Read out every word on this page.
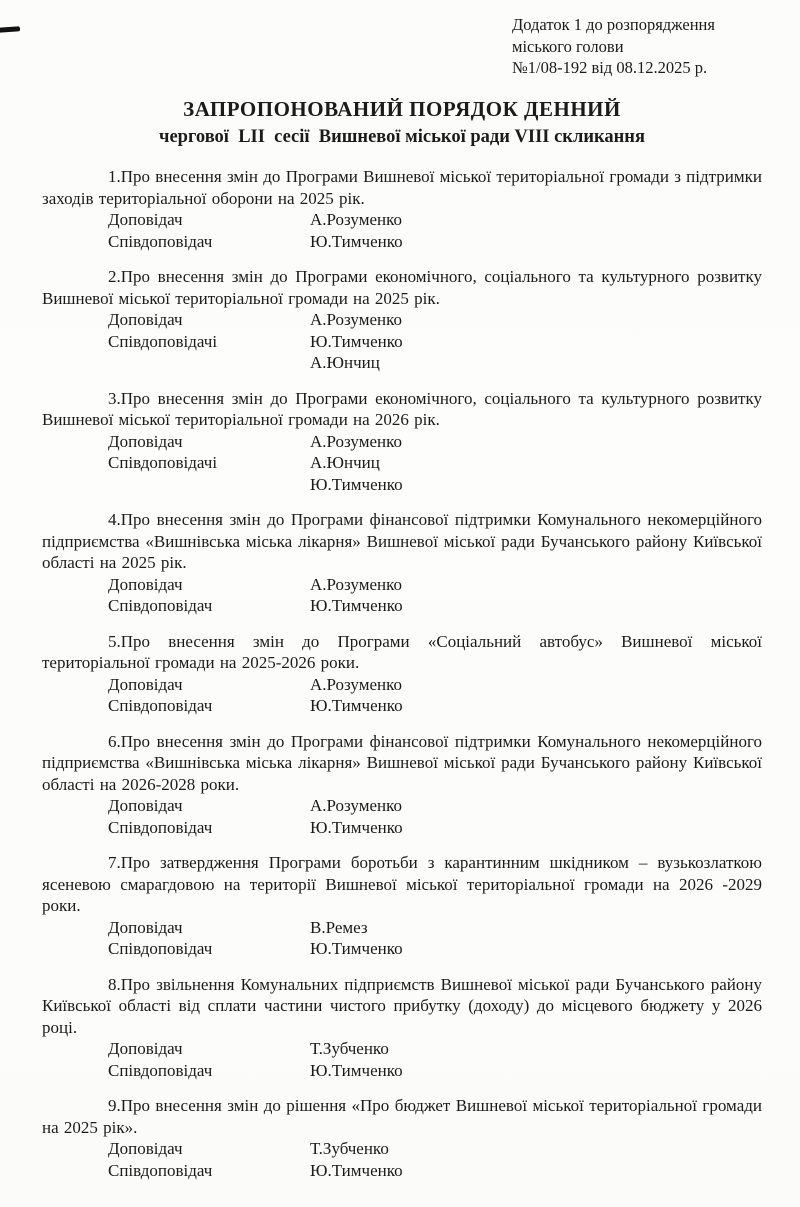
Додаток 1 до розпорядження
міського голови
№1/08-192 від 08.12.2025 р.
ЗАПРОПОНОВАНИЙ ПОРЯДОК ДЕННИЙ
чергової  LII  сесії  Вишневої міської ради VIII скликання

1.Про внесення змін до Програми Вишневої міської територіальної громади з підтримки заходів територіальної оборони на 2025 рік.

Доповідач	А.Розуменко
Співдоповідач	Ю.Тимченко

2.Про внесення змін до Програми економічного, соціального та культурного розвитку Вишневої міської територіальної громади на 2025 рік.

Доповідач	А.Розуменко
Співдоповідачі	Ю.Тимченко
А.Юнчиц

3.Про внесення змін до Програми економічного, соціального та культурного розвитку Вишневої міської територіальної громади на 2026 рік.

Доповідач	А.Розуменко
Співдоповідачі	А.Юнчиц
Ю.Тимченко

4.Про внесення змін до Програми фінансової підтримки Комунального некомерційного підприємства «Вишнівська міська лікарня» Вишневої міської ради Бучанського району Київської області на 2025 рік.

Доповідач	А.Розуменко
Співдоповідач	Ю.Тимченко

5.Про внесення змін до Програми «Соціальний автобус» Вишневої міської територіальної громади на 2025-2026 роки.

Доповідач	А.Розуменко
Співдоповідач	Ю.Тимченко

6.Про внесення змін до Програми фінансової підтримки Комунального некомерційного підприємства «Вишнівська міська лікарня» Вишневої міської ради Бучанського району Київської області на 2026-2028 роки.

Доповідач	А.Розуменко
Співдоповідач	Ю.Тимченко

7.Про затвердження Програми боротьби з карантинним шкідником – вузькозлаткою ясеневою смарагдовою на території Вишневої міської територіальної громади на 2026 -2029 роки.

Доповідач	В.Ремез
Співдоповідач	Ю.Тимченко

8.Про звільнення Комунальних підприємств Вишневої міської ради Бучанського району Київської області від сплати частини чистого прибутку (доходу) до місцевого бюджету у 2026 році.

Доповідач	Т.Зубченко
Співдоповідач	Ю.Тимченко

9.Про внесення змін до рішення «Про бюджет Вишневої міської територіальної громади на 2025 рік».

Доповідач	Т.Зубченко
Співдоповідач	Ю.Тимченко
